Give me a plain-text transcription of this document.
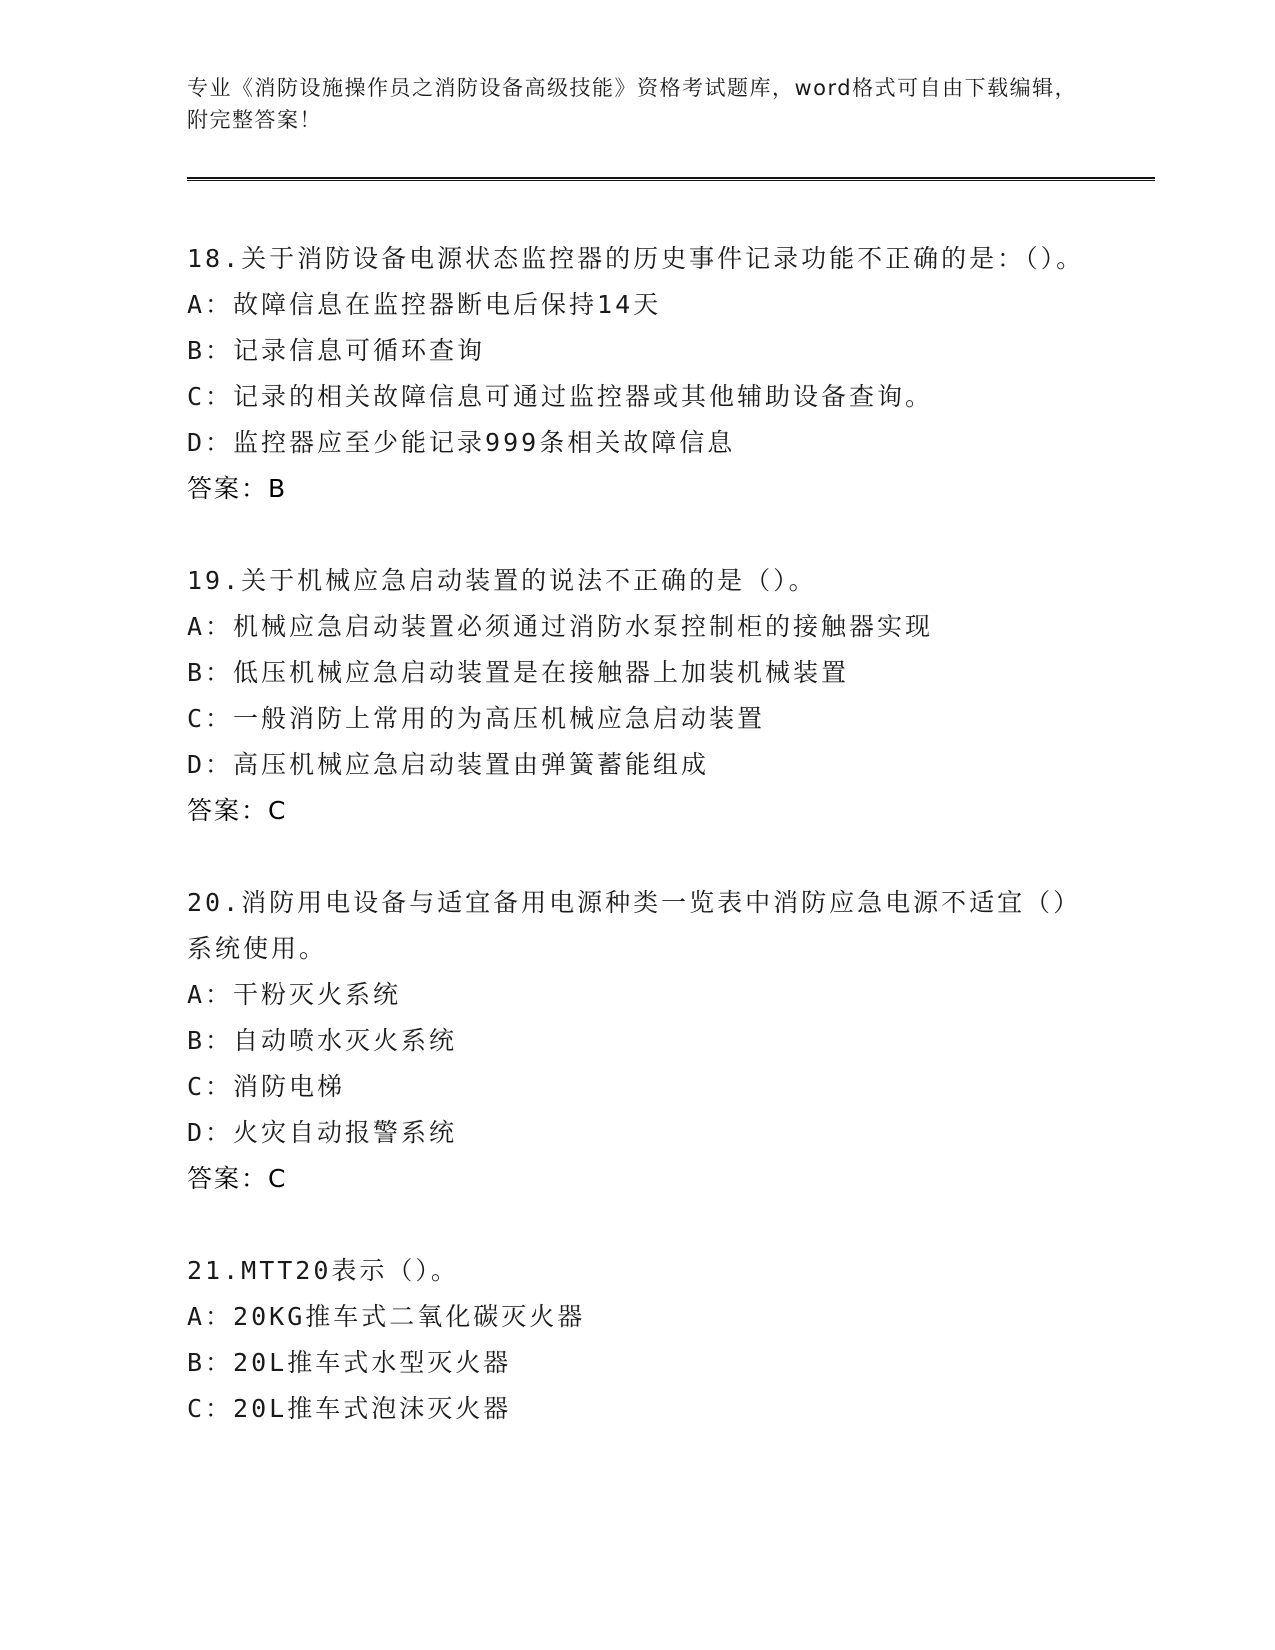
专业《消防设施操作员之消防设备高级技能》资格考试题库，word格式可自由下载编辑，附完整答案！
18.关于消防设备电源状态监控器的历史事件记录功能不正确的是：（）。
A：故障信息在监控器断电后保持14天
B：记录信息可循环查询
C：记录的相关故障信息可通过监控器或其他辅助设备查询。
D：监控器应至少能记录999条相关故障信息
答案：B
19.关于机械应急启动装置的说法不正确的是（）。
A：机械应急启动装置必须通过消防水泵控制柜的接触器实现
B：低压机械应急启动装置是在接触器上加装机械装置
C：一般消防上常用的为高压机械应急启动装置
D：高压机械应急启动装置由弹簧蓄能组成
答案：C
20.消防用电设备与适宜备用电源种类一览表中消防应急电源不适宜（）系统使用。
A：干粉灭火系统
B：自动喷水灭火系统
C：消防电梯
D：火灾自动报警系统
答案：C
21.MTT20表示（）。
A：20KG推车式二氧化碳灭火器
B：20L推车式水型灭火器
C：20L推车式泡沫灭火器
